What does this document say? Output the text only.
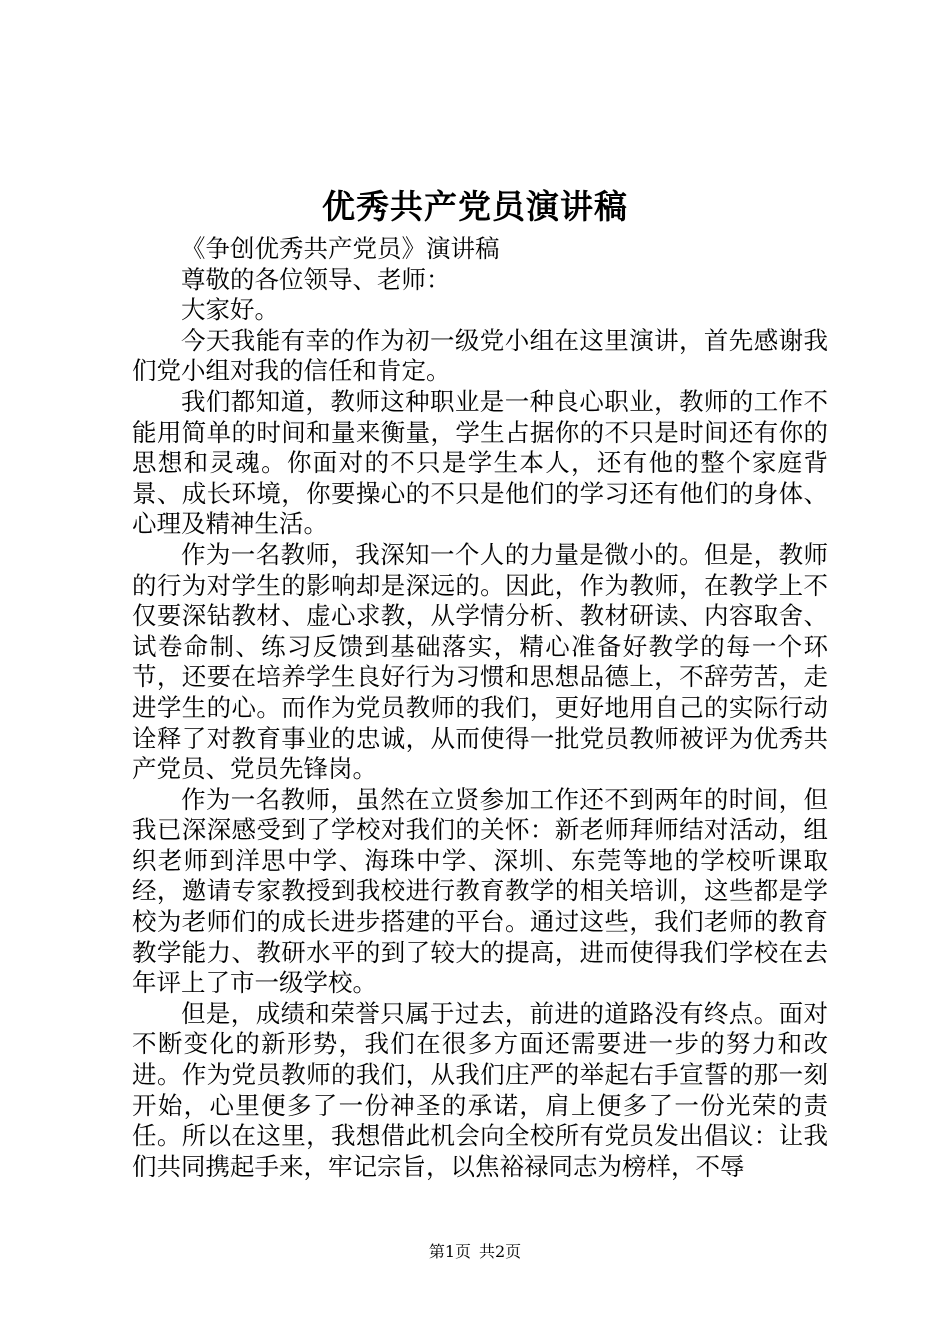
优秀共产党员演讲稿

《争创优秀共产党员》演讲稿

尊敬的各位领导、老师：

大家好。

今天我能有幸的作为初一级党小组在这里演讲，首先感谢我们党小组对我的信任和肯定。

我们都知道，教师这种职业是一种良心职业，教师的工作不能用简单的时间和量来衡量，学生占据你的不只是时间还有你的思想和灵魂。你面对的不只是学生本人，还有他的整个家庭背景、成长环境，你要操心的不只是他们的学习还有他们的身体、心理及精神生活。

作为一名教师，我深知一个人的力量是微小的。但是，教师的行为对学生的影响却是深远的。因此，作为教师，在教学上不仅要深钻教材、虚心求教，从学情分析、教材研读、内容取舍、试卷命制、练习反馈到基础落实，精心准备好教学的每一个环节，还要在培养学生良好行为习惯和思想品德上，不辞劳苦，走进学生的心。而作为党员教师的我们，更好地用自己的实际行动诠释了对教育事业的忠诚，从而使得一批党员教师被评为优秀共产党员、党员先锋岗。

作为一名教师，虽然在立贤参加工作还不到两年的时间，但我已深深感受到了学校对我们的关怀：新老师拜师结对活动，组织老师到洋思中学、海珠中学、深圳、东莞等地的学校听课取经，邀请专家教授到我校进行教育教学的相关培训，这些都是学校为老师们的成长进步搭建的平台。通过这些，我们老师的教育教学能力、教研水平的到了较大的提高，进而使得我们学校在去年评上了市一级学校。

但是，成绩和荣誉只属于过去，前进的道路没有终点。面对不断变化的新形势，我们在很多方面还需要进一步的努力和改进。作为党员教师的我们，从我们庄严的举起右手宣誓的那一刻开始，心里便多了一份神圣的承诺，肩上便多了一份光荣的责任。所以在这里，我想借此机会向全校所有党员发出倡议：让我们共同携起手来，牢记宗旨，以焦裕禄同志为榜样，不辱

第1页 共2页
